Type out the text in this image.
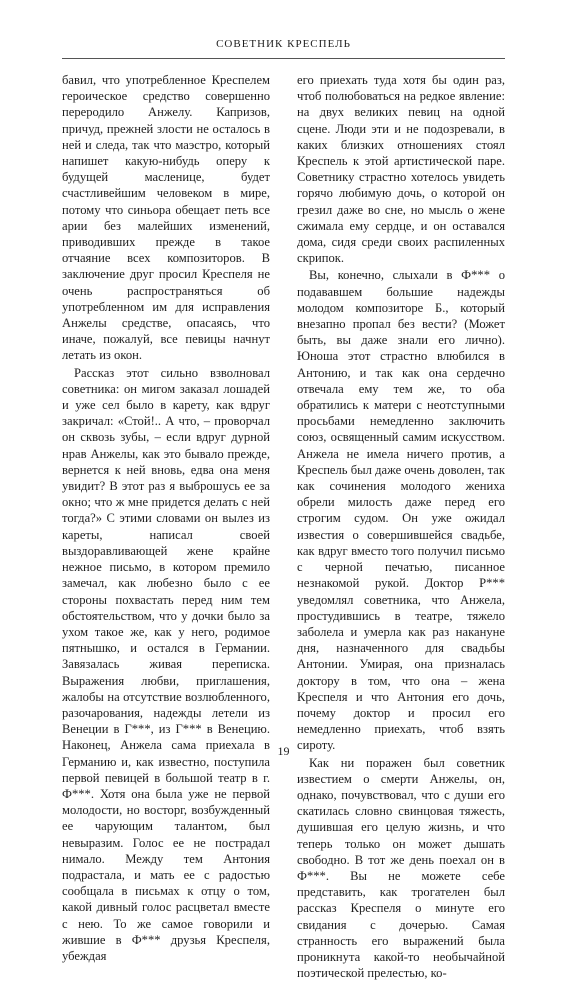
СОВЕТНИК КРЕСПЕЛЬ

бавил, что употребленное Креспелем героическое средство совершенно переродило Анжелу. Капризов, причуд, прежней злости не осталось в ней и следа, так что маэстро, который напишет какую-нибудь оперу к будущей масленице, будет счастливейшим человеком в мире, потому что синьора обещает петь все арии без малейших изменений, приводивших прежде в такое отчаяние всех композиторов. В заключение друг просил Креспеля не очень распространяться об употребленном им для исправления Анжелы средстве, опасаясь, что иначе, пожалуй, все певицы начнут летать из окон.

Рассказ этот сильно взволновал советника: он мигом заказал лошадей и уже сел было в карету, как вдруг закричал: «Стой!.. А что, – проворчал он сквозь зубы, – если вдруг дурной нрав Анжелы, как это бывало прежде, вернется к ней вновь, едва она меня увидит? В этот раз я выброшусь ее за окно; что ж мне придется делать с ней тогда?» С этими словами он вылез из кареты, написал своей выздоравливающей жене крайне нежное письмо, в котором премило замечал, как любезно было с ее стороны похвастать перед ним тем обстоятельством, что у дочки было за ухом такое же, как у него, родимое пятнышко, и остался в Германии. Завязалась живая переписка. Выражения любви, приглашения, жалобы на отсутствие возлюбленного, разочарования, надежды летели из Венеции в Г***, из Г*** в Венецию. Наконец, Анжела сама приехала в Германию и, как известно, поступила первой певицей в большой театр в г. Ф***. Хотя она была уже не первой молодости, но восторг, возбужденный ее чарующим талантом, был невыразим. Голос ее не пострадал нимало. Между тем Антония подрастала, и мать ее с радостью сообщала в письмах к отцу о том, какой дивный голос расцветал вместе с нею. То же самое говорили и жившие в Ф*** друзья Креспеля, убеждая

его приехать туда хотя бы один раз, чтоб полюбоваться на редкое явление: на двух великих певиц на одной сцене. Люди эти и не подозревали, в каких близких отношениях стоял Креспель к этой артистической паре. Советнику страстно хотелось увидеть горячо любимую дочь, о которой он грезил даже во сне, но мысль о жене сжимала ему сердце, и он оставался дома, сидя среди своих распиленных скрипок.

Вы, конечно, слыхали в Ф*** о подававшем большие надежды молодом композиторе Б., который внезапно пропал без вести? (Может быть, вы даже знали его лично). Юноша этот страстно влюбился в Антонию, и так как она сердечно отвечала ему тем же, то оба обратились к матери с неотступными просьбами немедленно заключить союз, освященный самим искусством. Анжела не имела ничего против, а Креспель был даже очень доволен, так как сочинения молодого жениха обрели милость даже перед его строгим судом. Он уже ожидал известия о совершившейся свадьбе, как вдруг вместо того получил письмо с черной печатью, писанное незнакомой рукой. Доктор Р*** уведомлял советника, что Анжела, простудившись в театре, тяжело заболела и умерла как раз накануне дня, назначенного для свадьбы Антонии. Умирая, она призналась доктору в том, что она – жена Креспеля и что Антония его дочь, почему доктор и просил его немедленно приехать, чтоб взять сироту.

Как ни поражен был советник известием о смерти Анжелы, он, однако, почувствовал, что с души его скатилась словно свинцовая тяжесть, душившая его целую жизнь, и что теперь только он может дышать свободно. В тот же день поехал он в Ф***. Вы не можете себе представить, как трогателен был рассказ Креспеля о минуте его свидания с дочерью. Самая странность его выражений была проникнута какой-то необычайной поэтической прелестью, ко-

19
